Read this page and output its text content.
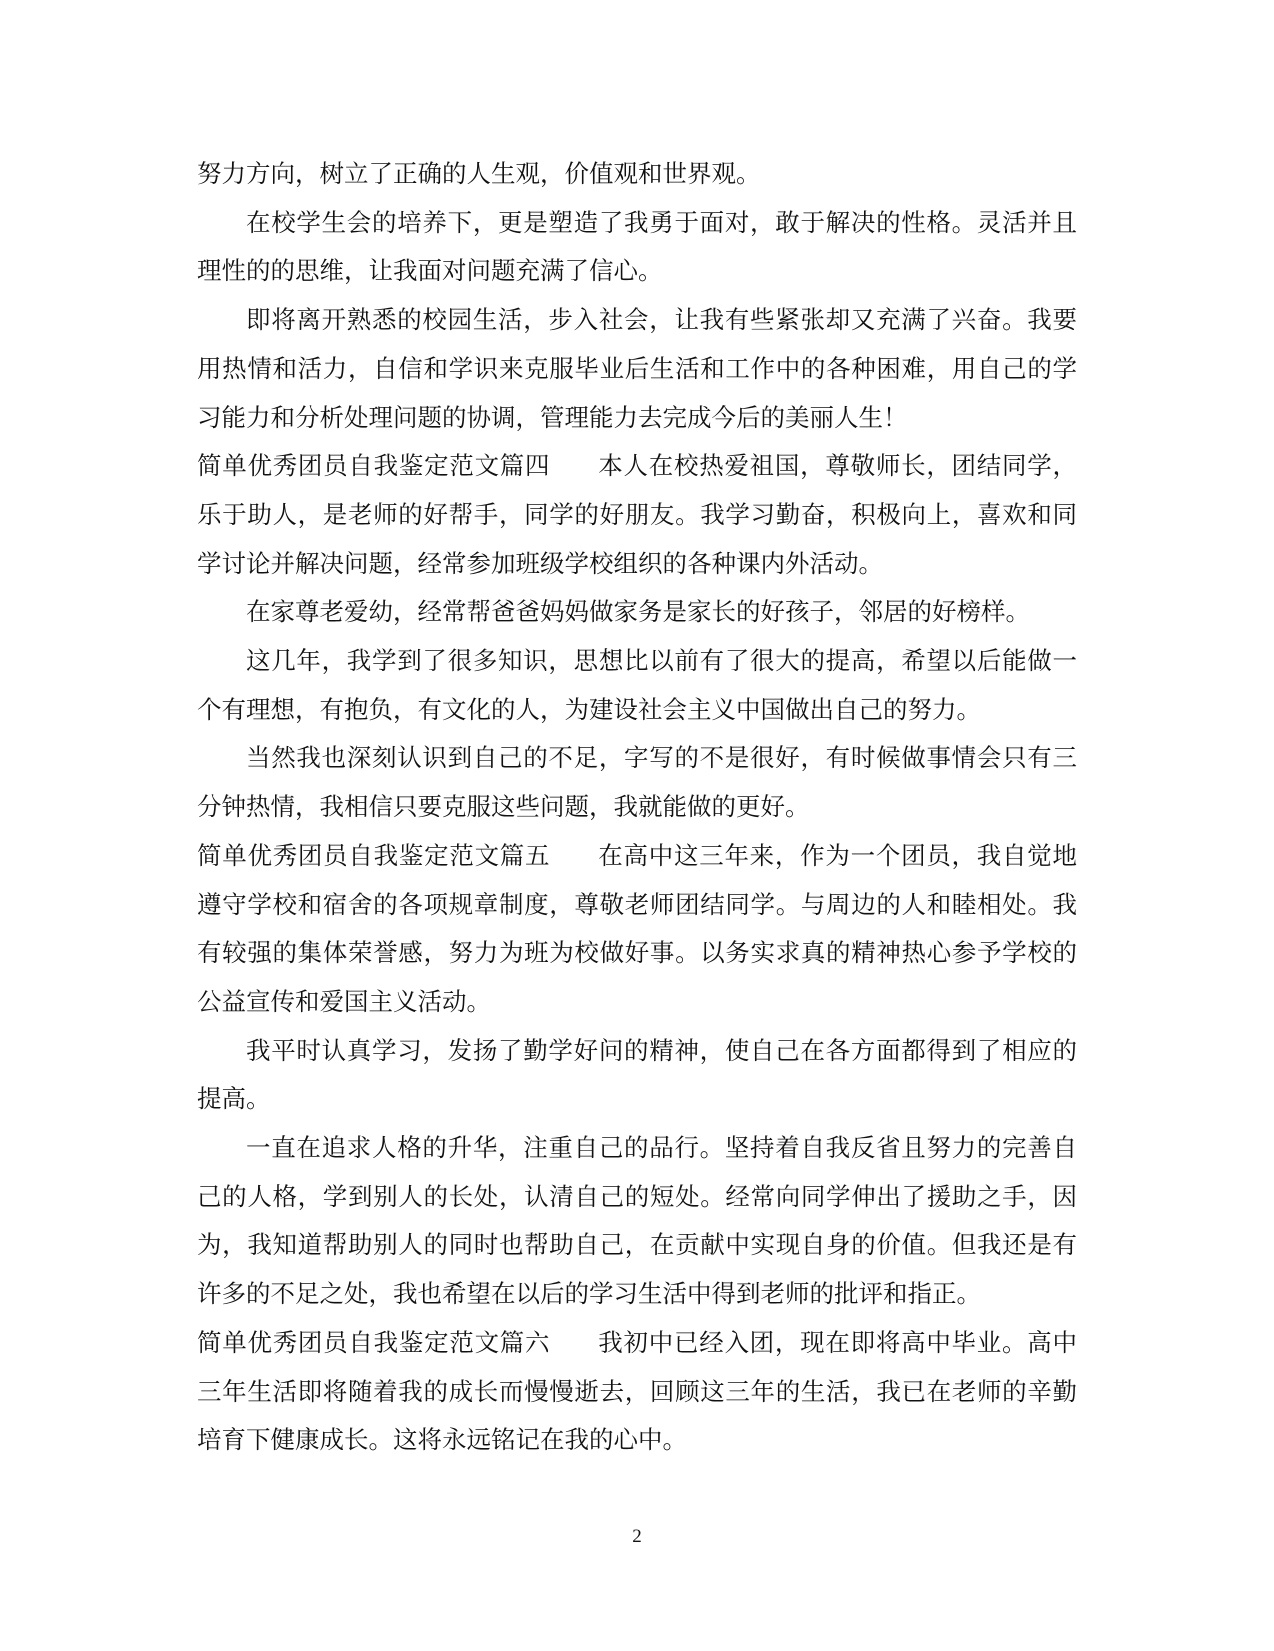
努力方向，树立了正确的人生观，价值观和世界观。

在校学生会的培养下，更是塑造了我勇于面对，敢于解决的性格。灵活并且理性的的思维，让我面对问题充满了信心。

即将离开熟悉的校园生活，步入社会，让我有些紧张却又充满了兴奋。我要用热情和活力，自信和学识来克服毕业后生活和工作中的各种困难，用自己的学习能力和分析处理问题的协调，管理能力去完成今后的美丽人生！

简单优秀团员自我鉴定范文篇四 本人在校热爱祖国，尊敬师长，团结同学，乐于助人，是老师的好帮手，同学的好朋友。我学习勤奋，积极向上，喜欢和同学讨论并解决问题，经常参加班级学校组织的各种课内外活动。

在家尊老爱幼，经常帮爸爸妈妈做家务是家长的好孩子，邻居的好榜样。

这几年，我学到了很多知识，思想比以前有了很大的提高，希望以后能做一个有理想，有抱负，有文化的人，为建设社会主义中国做出自己的努力。

当然我也深刻认识到自己的不足，字写的不是很好，有时候做事情会只有三分钟热情，我相信只要克服这些问题，我就能做的更好。

简单优秀团员自我鉴定范文篇五 在高中这三年来，作为一个团员，我自觉地遵守学校和宿舍的各项规章制度，尊敬老师团结同学。与周边的人和睦相处。我有较强的集体荣誉感，努力为班为校做好事。以务实求真的精神热心参予学校的公益宣传和爱国主义活动。

我平时认真学习，发扬了勤学好问的精神，使自己在各方面都得到了相应的提高。

一直在追求人格的升华，注重自己的品行。坚持着自我反省且努力的完善自己的人格，学到别人的长处，认清自己的短处。经常向同学伸出了援助之手，因为，我知道帮助别人的同时也帮助自己，在贡献中实现自身的价值。但我还是有许多的不足之处，我也希望在以后的学习生活中得到老师的批评和指正。

简单优秀团员自我鉴定范文篇六 我初中已经入团，现在即将高中毕业。高中三年生活即将随着我的成长而慢慢逝去，回顾这三年的生活，我已在老师的辛勤培育下健康成长。这将永远铭记在我的心中。

2
